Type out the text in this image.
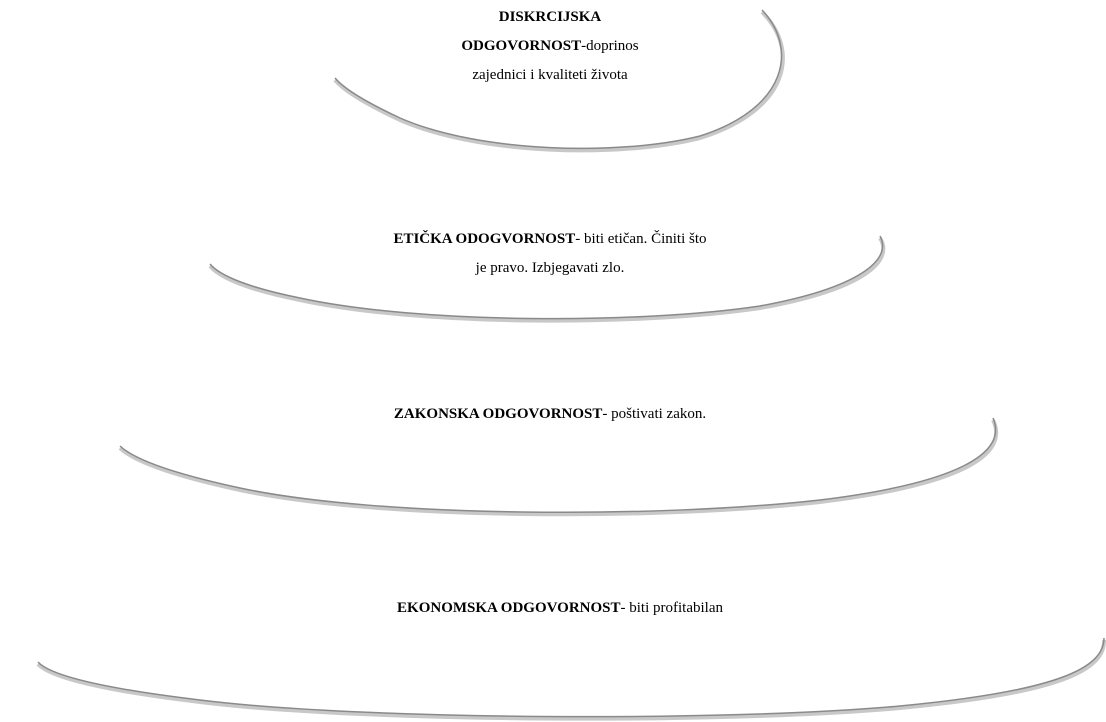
DISKRCIJSKA
ODGOVORNOST-doprinos
zajednici i kvaliteti života
ETIČKA ODOGVORNOST- biti etičan. Činiti što
je pravo. Izbjegavati zlo.
ZAKONSKA ODGOVORNOST- poštivati zakon.
EKONOMSKA ODGOVORNOST- biti profitabilan
